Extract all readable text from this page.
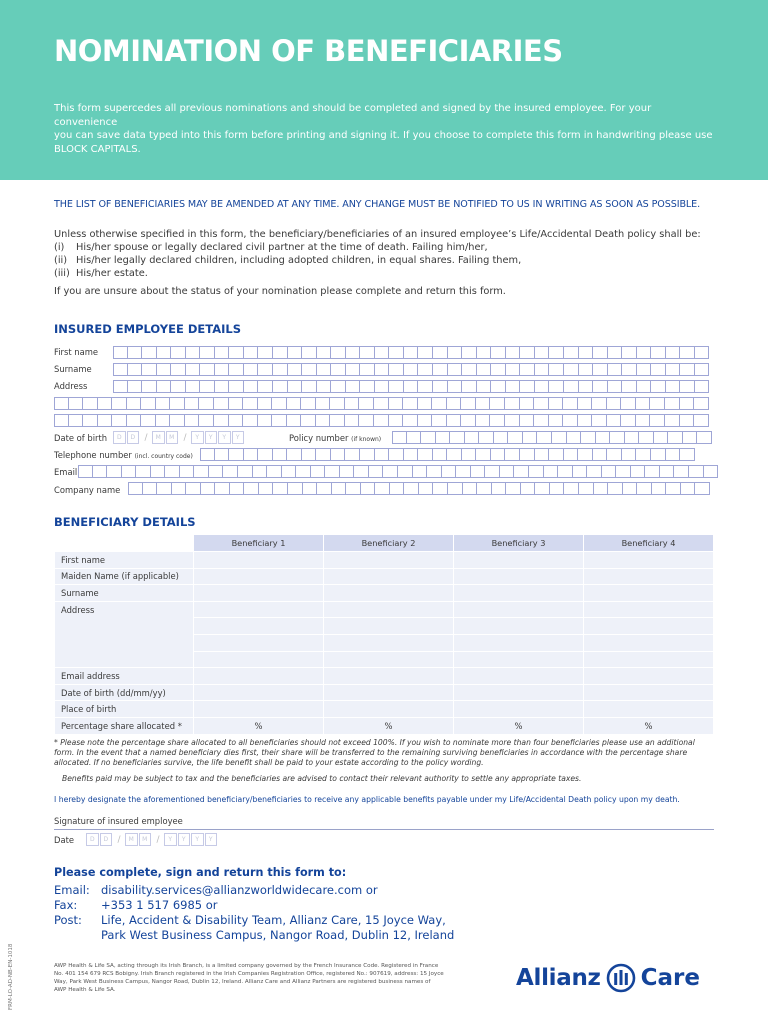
NOMINATION OF BENEFICIARIES

This form supercedes all previous nominations and should be completed and signed by the insured employee. For your convenience
you can save data typed into this form before printing and signing it. If you choose to complete this form in handwriting please use
BLOCK CAPITALS.

THE LIST OF BENEFICIARIES MAY BE AMENDED AT ANY TIME. ANY CHANGE MUST BE NOTIFIED TO US IN WRITING AS SOON AS POSSIBLE.
Unless otherwise specified in this form, the beneficiary/beneficiaries of an insured employee’s Life/Accidental Death policy shall be:
(i) His/her spouse or legally declared civil partner at the time of death. Failing him/her,
(ii) His/her legally declared children, including adopted children, in equal shares. Failing them,
(iii) His/her estate.
If you are unsure about the status of your nomination please complete and return this form.
INSURED EMPLOYEE DETAILS
First name
Surname
Address
Date of birth	D	D	/	M	M	/	Y	Y	Y	Y	Policy number (if known)
Telephone number (incl. country code)
Email
Company name
BENEFICIARY DETAILS
	Beneficiary 1	Beneficiary 2	Beneficiary 3	Beneficiary 4
First name				
Maiden Name (if applicable)				
Surname				
Address				

Email address				
Date of birth (dd/mm/yy)				
Place of birth				
Percentage share allocated *	%	%	%	%
* Please note the percentage share allocated to all beneficiaries should not exceed 100%. If you wish to nominate more than four beneficiaries please use an additional form. In the event that a named beneficiary dies first, their share will be transferred to the remaining surviving beneficiaries in accordance with the percentage share allocated. If no beneficiaries survive, the life benefit shall be paid to your estate according to the policy wording.
Benefits paid may be subject to tax and the beneficiaries are advised to contact their relevant authority to settle any appropriate taxes.
I hereby designate the aforementioned beneficiary/beneficiaries to receive any applicable benefits payable under my Life/Accidental Death policy upon my death.
Signature of insured employee
Date	D	D	/	M	M	/	Y	Y	Y	Y
Please complete, sign and return this form to:
Email: disability.services@allianzworldwidecare.com or
Fax: +353 1 517 6985 or
Post: Life, Accident & Disability Team, Allianz Care, 15 Joyce Way,
Park West Business Campus, Nangor Road, Dublin 12, Ireland
AWP Health & Life SA, acting through its Irish Branch, is a limited company governed by the French Insurance Code. Registered in France No. 401 154 679 RCS Bobigny. Irish Branch registered in the Irish Companies Registration Office, registered No.: 907619, address: 15 Joyce Way, Park West Business Campus, Nangor Road, Dublin 12, Ireland. Allianz Care and Allianz Partners are registered business names of AWP Health & Life SA.
FRM-LO-AD-NB-EN-1018	Allianz Care
